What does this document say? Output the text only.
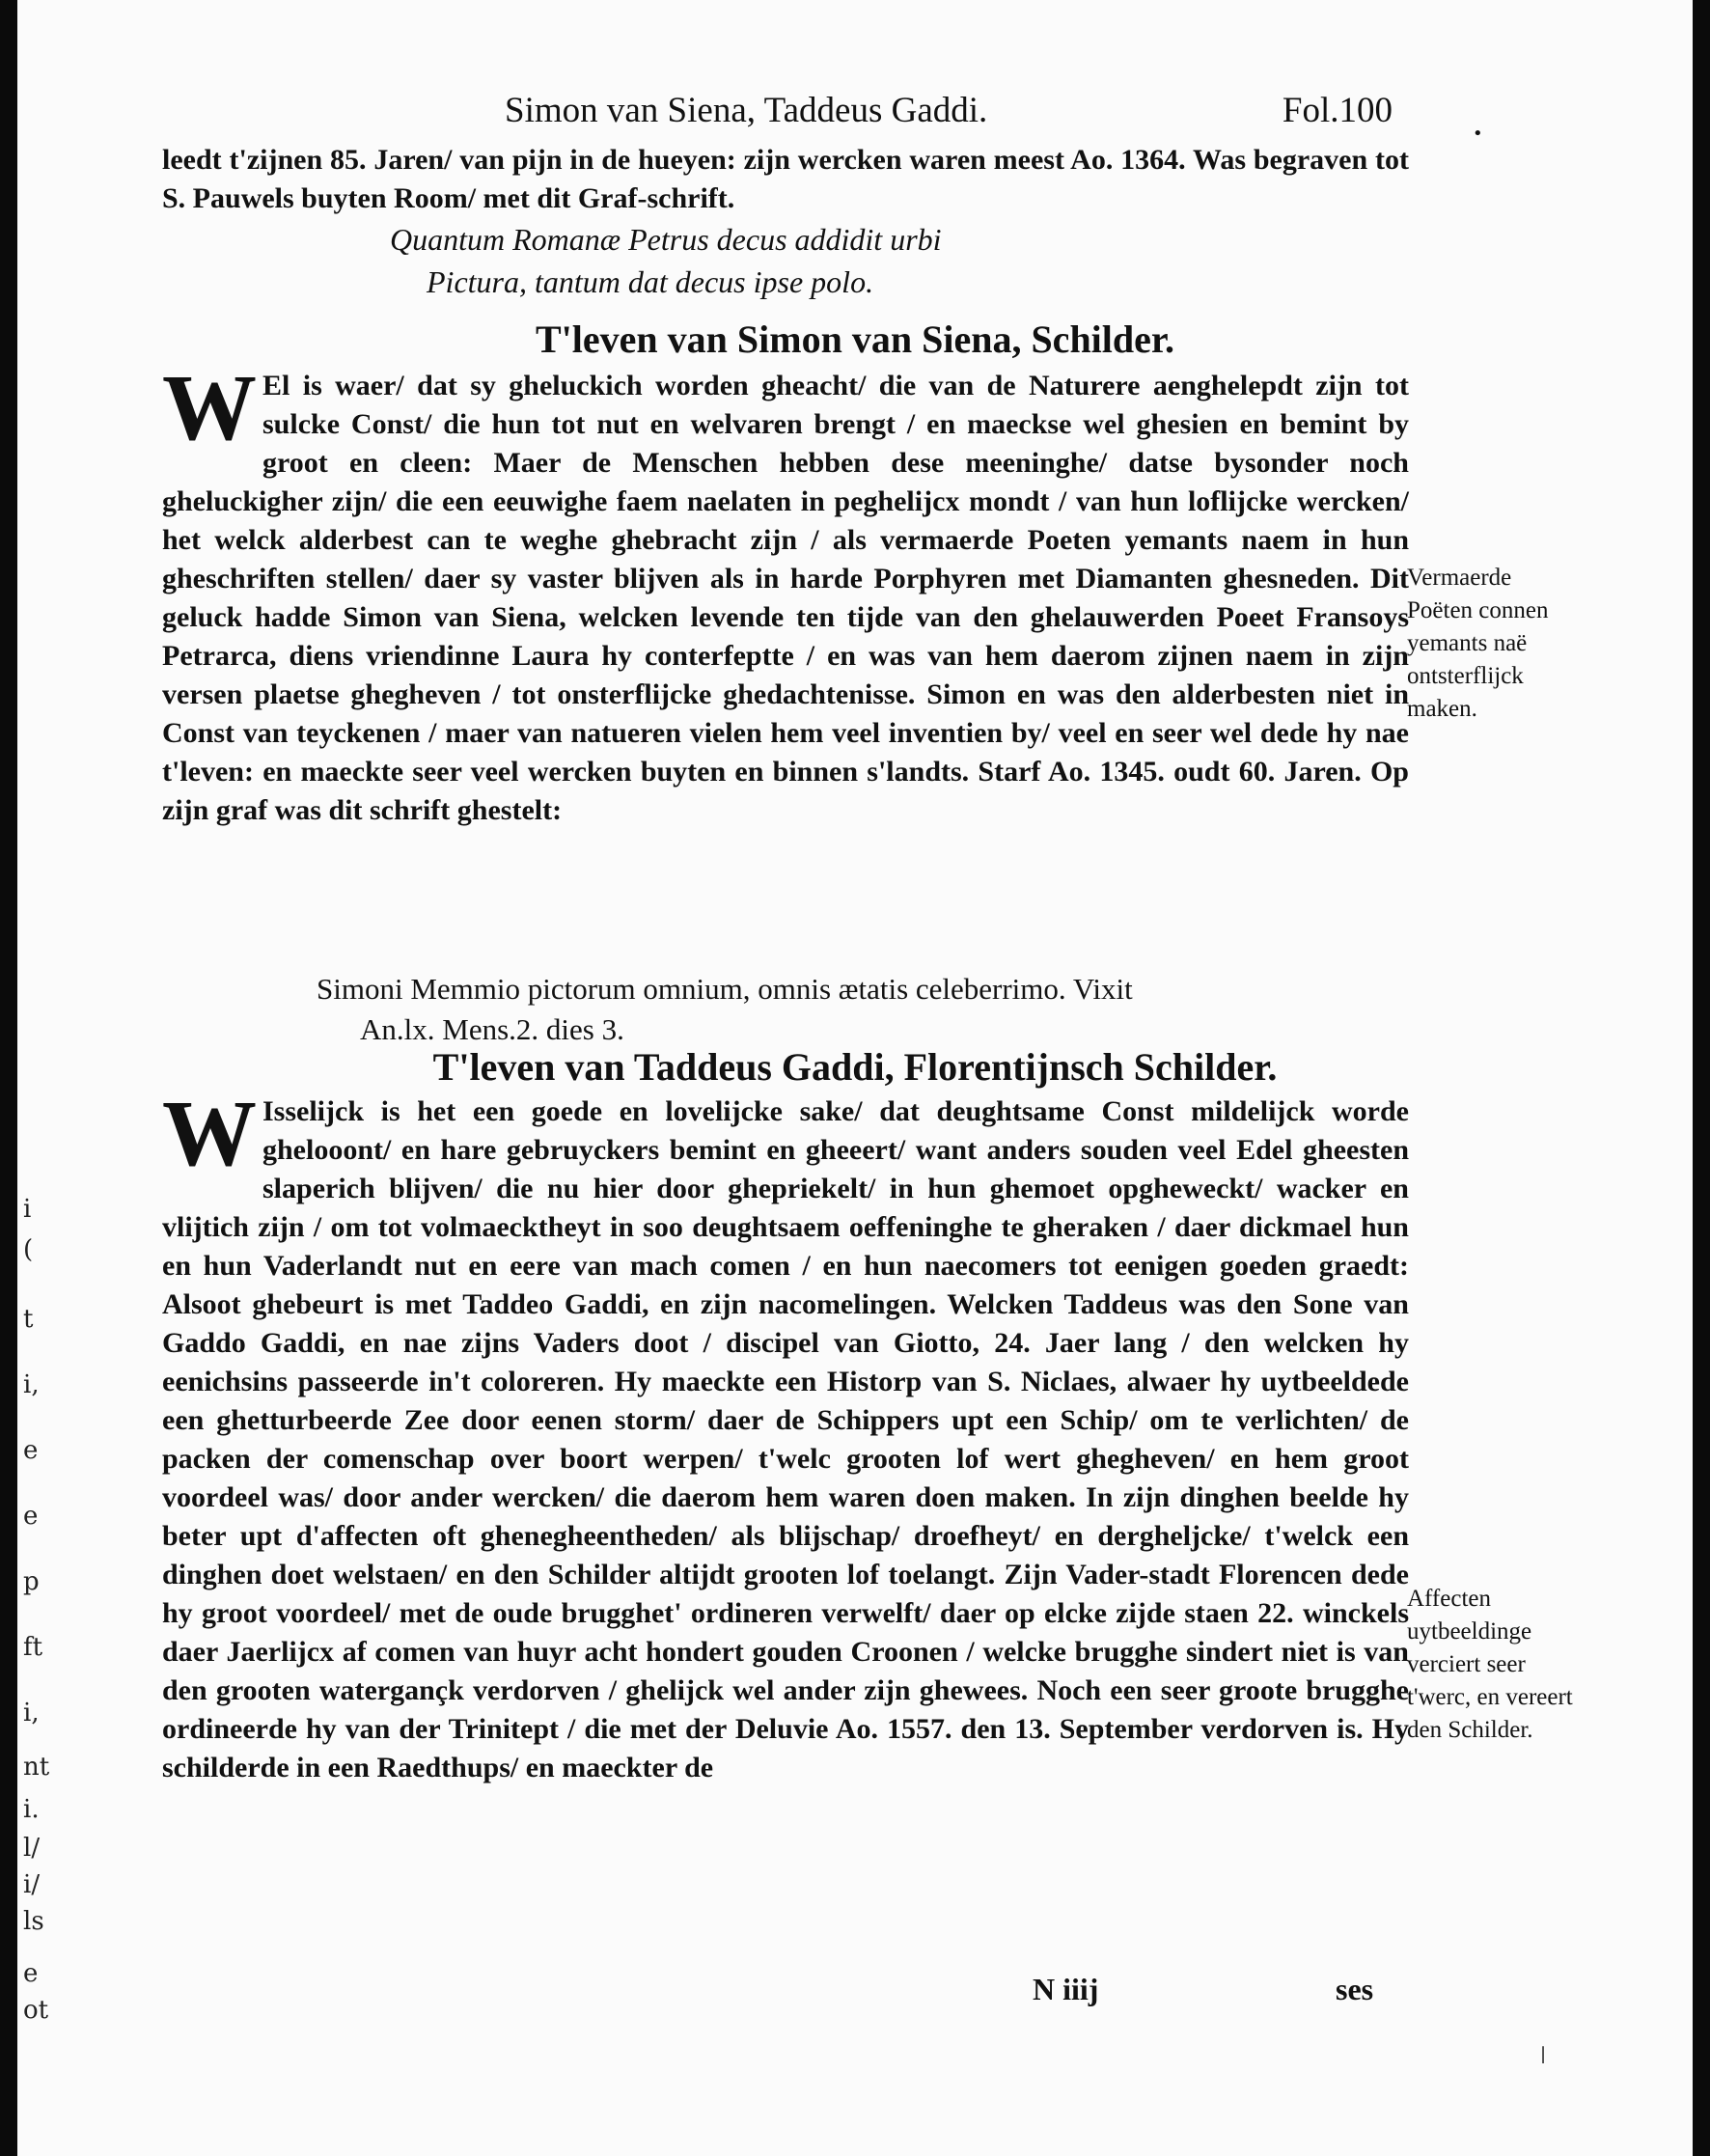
i
(
t
i,
e
e
p
ft
i,
nt
i.
l/
i/
ls
e
ot
Simon van Siena, Taddeus Gaddi.	Fol.100
•

leedt t'zijnen 85. Jaren/ van pijn in de hueyen: zijn wercken waren meest Ao. 1364. Was begraven tot S. Pauwels buyten Room/ met dit Graf-schrift.

Quantum Romanæ Petrus decus addidit urbi
Pictura, tantum dat decus ipse polo.
T'leven van Simon van Siena, Schilder.
W El is waer/ dat sy gheluckich worden gheacht/ die van de Naturere aenghelepdt zijn tot sulcke Const/ die hun tot nut en welvaren brengt / en maeckse wel ghesien en bemint by groot en cleen: Maer de Menschen hebben dese meeninghe/ datse bysonder noch gheluckigher zijn/ die een eeuwighe faem naelaten in peghelijcx mondt / van hun loflijcke wercken/ het welck alderbest can te weghe ghebracht zijn / als vermaerde Poeten yemants naem in hun gheschriften stellen/ daer sy vaster blijven als in harde Porphyren met Diamanten ghesneden. Dit geluck hadde Simon van Siena, welcken levende ten tijde van den ghelauwerden Poeet Fransoys Petrarca, diens vriendinne Laura hy conterfeptte / en was van hem daerom zijnen naem in zijn versen plaetse ghegheven / tot onsterflijcke ghedachtenisse. Simon en was den alderbesten niet in Const van teyckenen / maer van natueren vielen hem veel inventien by/ veel en seer wel dede hy nae t'leven: en maeckte seer veel wercken buyten en binnen s'landts. Starf Ao. 1345. oudt 60. Jaren. Op zijn graf was dit schrift ghestelt:

Simoni Memmio pictorum omnium, omnis ætatis celeberrimo. Vixit
An.lx. Mens.2. dies 3.
Vermaerde Poëten connen yemants naë ontsterflijck maken.
T'leven van Taddeus Gaddi, Florentijnsch Schilder.
W Isselijck is het een goede en lovelijcke sake/ dat deughtsame Const mildelijck worde ghelooont/ en hare gebruyckers bemint en gheeert/ want anders souden veel Edel gheesten slaperich blijven/ die nu hier door ghepriekelt/ in hun ghemoet opgheweckt/ wacker en vlijtich zijn / om tot volmaecktheyt in soo deughtsaem oeffeninghe te gheraken / daer dickmael hun en hun Vaderlandt nut en eere van mach comen / en hun naecomers tot eenigen goeden graedt: Alsoot ghebeurt is met Taddeo Gaddi, en zijn nacomelingen. Welcken Taddeus was den Sone van Gaddo Gaddi, en nae zijns Vaders doot / discipel van Giotto, 24. Jaer lang / den welcken hy eenichsins passeerde in't coloreren. Hy maeckte een Historp van S. Niclaes, alwaer hy uytbeeldede een ghetturbeerde Zee door eenen storm/ daer de Schippers upt een Schip/ om te verlichten/ de packen der comenschap over boort werpen/ t'welc grooten lof wert ghegheven/ en hem groot voordeel was/ door ander wercken/ die daerom hem waren doen maken. In zijn dinghen beelde hy beter upt d'affecten oft ghenegheentheden/ als blijschap/ droefheyt/ en dergheljcke/ t'welck een dinghen doet welstaen/ en den Schilder altijdt grooten lof toelangt. Zijn Vader-stadt Florencen dede hy groot voordeel/ met de oude brugghet' ordineren verwelft/ daer op elcke zijde staen 22. winckels daer Jaerlijcx af comen van huyr acht hondert gouden Croonen / welcke brugghe sindert niet is van den grooten watergançk verdorven / ghelijck wel ander zijn ghewees. Noch een seer groote brugghe ordineerde hy van der Trinitept / die met der Deluvie Ao. 1557. den 13. September verdorven is. Hy schilderde in een Raedthups/ en maeckter de

Affecten uytbeeldinge verciert seer t'werc, en vereert den Schilder.
N iiij	ses
|
